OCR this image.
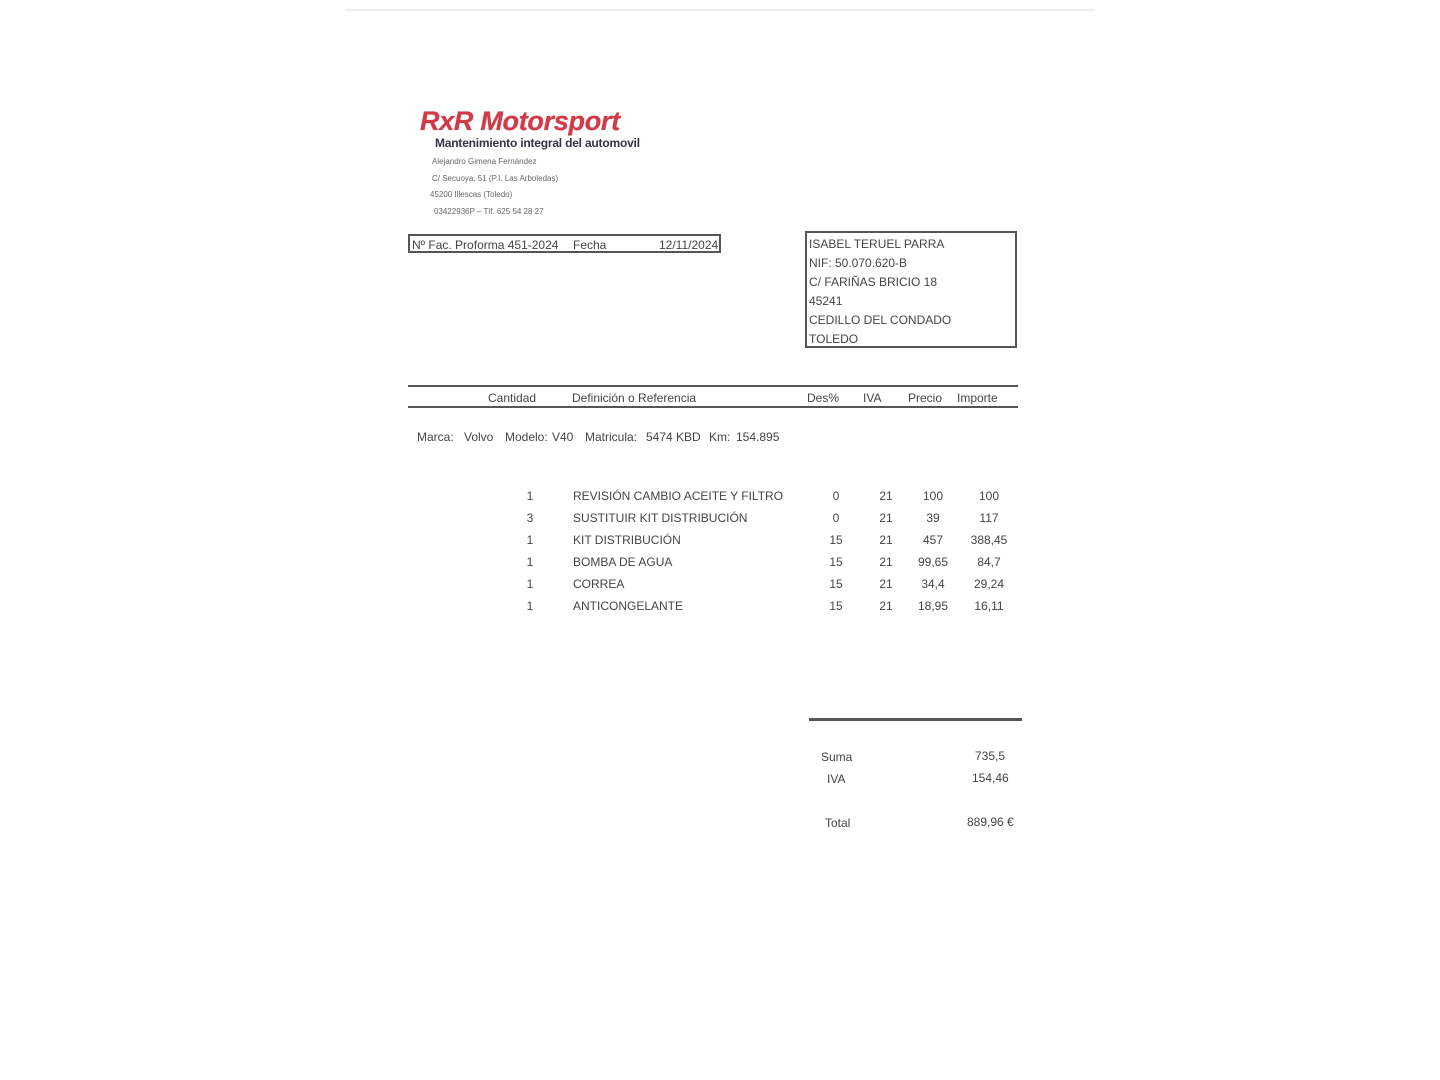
RxR Motorsport
Mantenimiento integral del automovil
Alejandro Gimena Fernández
C/ Secuoya, 51 (P.I. Las Arboledas)
45200 Illescas (Toledo)
03422936P – Tlf. 625 54 28 27
Nº Fac. Proforma 451-2024 Fecha	12/11/2024	ISABEL TERUEL PARRA
NIF: 50.070.620-B
C/ FARIÑAS BRICIO 18
45241
CEDILLO DEL CONDADO
TOLEDO
Cantidad	Definición o Referencia	Des% IVA Precio Importe
Marca: Volvo Modelo: V40 Matricula: 5474 KBD Km: 154.895
1	REVISIÓN CAMBIO ACEITE Y FILTRO	0	21	100	100
3	SUSTITUIR KIT DISTRIBUCIÓN	0	21	39	117
1	KIT DISTRIBUCIÓN	15	21	457	388,45
1	BOMBA DE AGUA	15	21	99,65	84,7
1	CORREA	15	21	34,4	29,24
1	ANTICONGELANTE	15	21	18,95	16,11
Suma	735,5
IVA	154,46
Total	889,96 €
